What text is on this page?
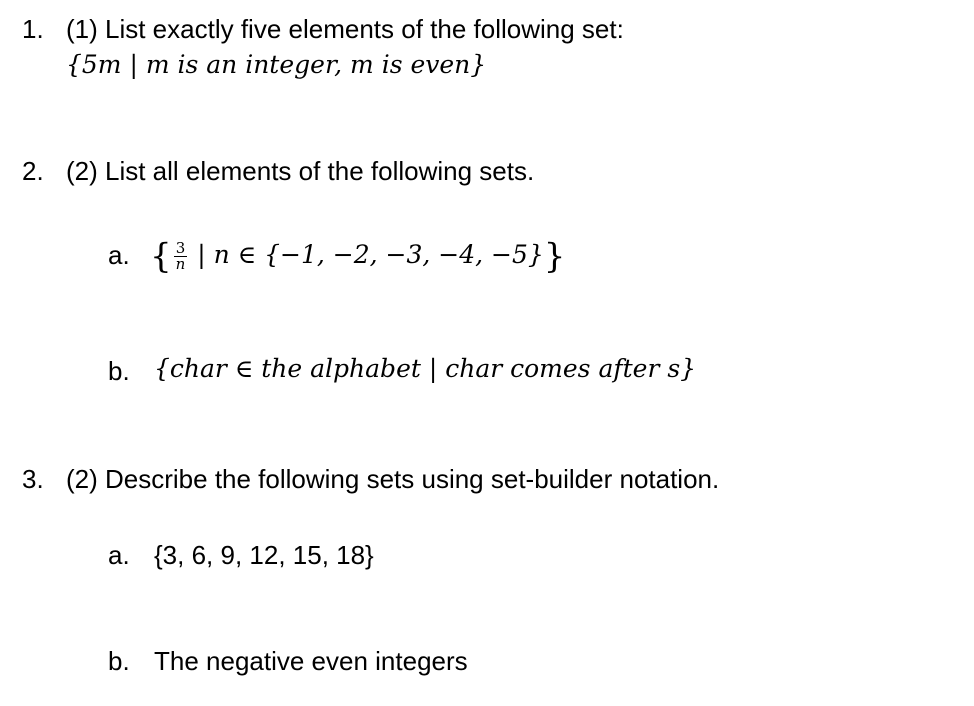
1. (1) List exactly five elements of the following set:
{5m | m is an integer, m is even}
2. (2) List all elements of the following sets.
a. { $\frac{3}{n}$ | n ∈ {−1, −2, −3, −4, −5}}
b. {char ∈ the alphabet | char comes after s}
3. (2) Describe the following sets using set-builder notation.
a. {3, 6, 9, 12, 15, 18}
b. The negative even integers
